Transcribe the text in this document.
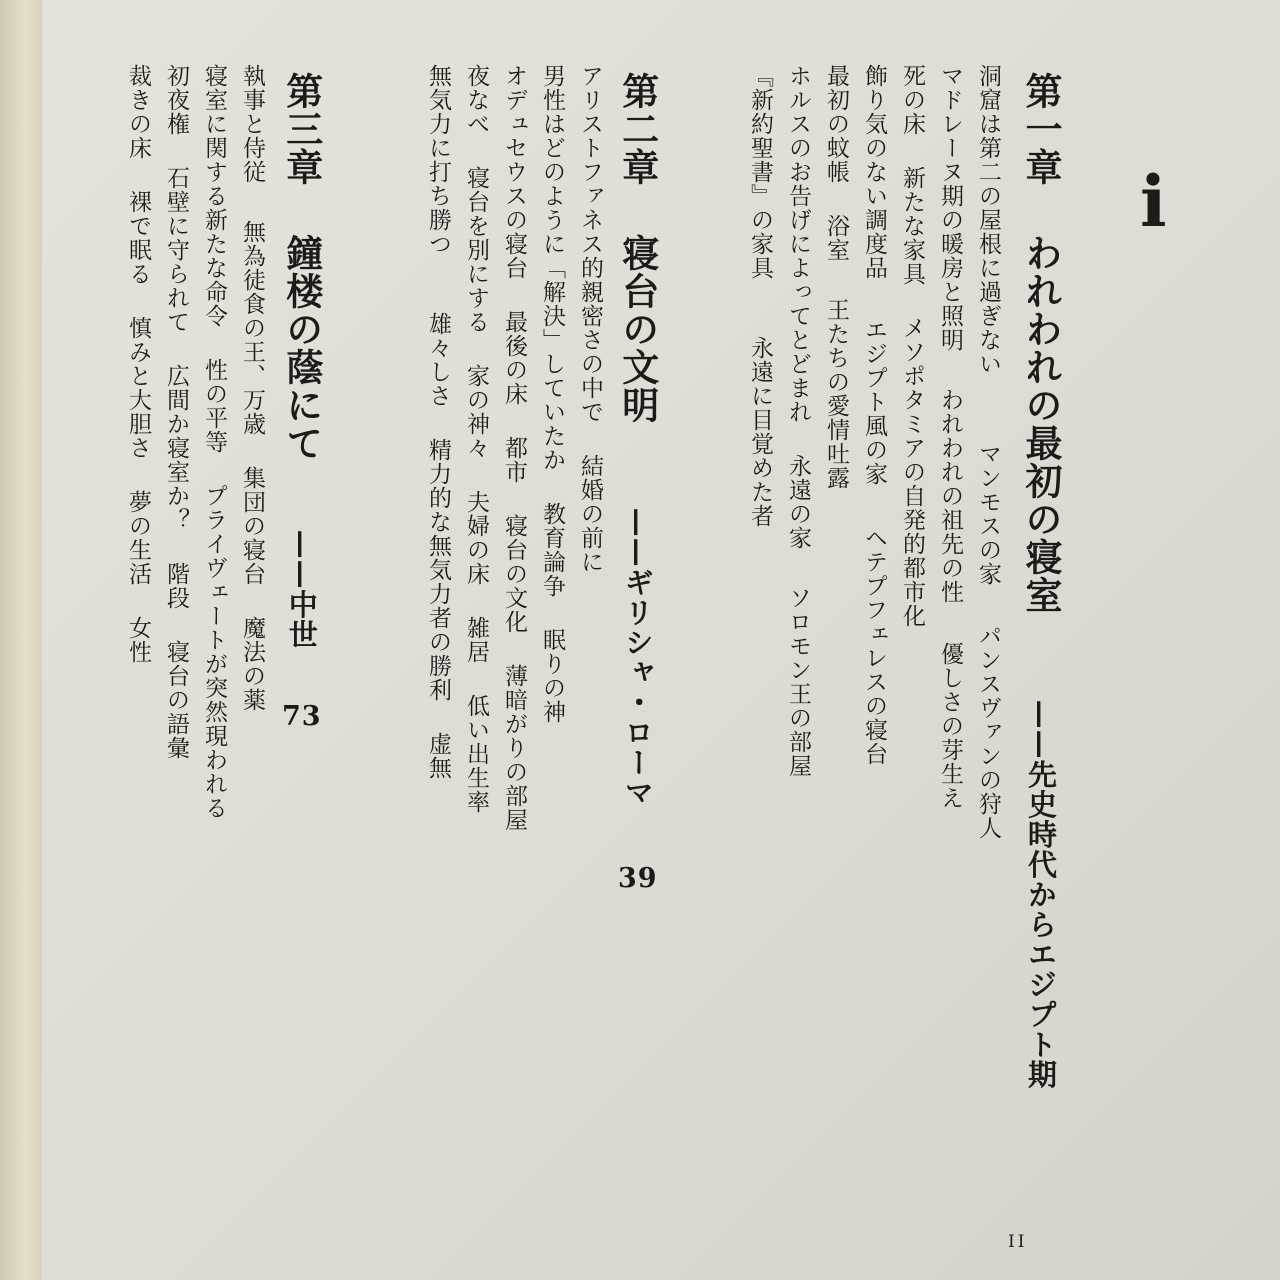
i
第一章 われわれの最初の寝室  ——先史時代からエジプト期
洞窟は第二の屋根に過ぎないマンモスの家パンスヴァンの狩人
マドレーヌ期の暖房と照明われわれの祖先の性優しさの芽生え
死の床新たな家具メソポタミアの自発的都市化
飾り気のない調度品エジプト風の家ヘテプフェレスの寝台
最初の蚊帳浴室王たちの愛情吐露
ホルスのお告げによってとどまれ永遠の家ソロモン王の部屋
『新約聖書』の家具永遠に目覚めた者
第二章 寝台の文明  ——ギリシャ・ローマ  39
アリストファネス的親密さの中で結婚の前に
男性はどのように「解決」していたか教育論争眠りの神
オデュセウスの寝台最後の床都市寝台の文化薄暗がりの部屋
夜なべ寝台を別にする家の神々夫婦の床雑居低い出生率
無気力に打ち勝つ雄々しさ精力的な無気力者の勝利虚無
第三章 鐘楼の蔭にて  ——中世  73
執事と侍従無為徒食の王、万歳集団の寝台魔法の薬
寝室に関する新たな命令性の平等プライヴェートが突然現われる
初夜権石壁に守られて広間か寝室か？階段寝台の語彙
裁きの床裸で眠る慎みと大胆さ夢の生活女性
II
